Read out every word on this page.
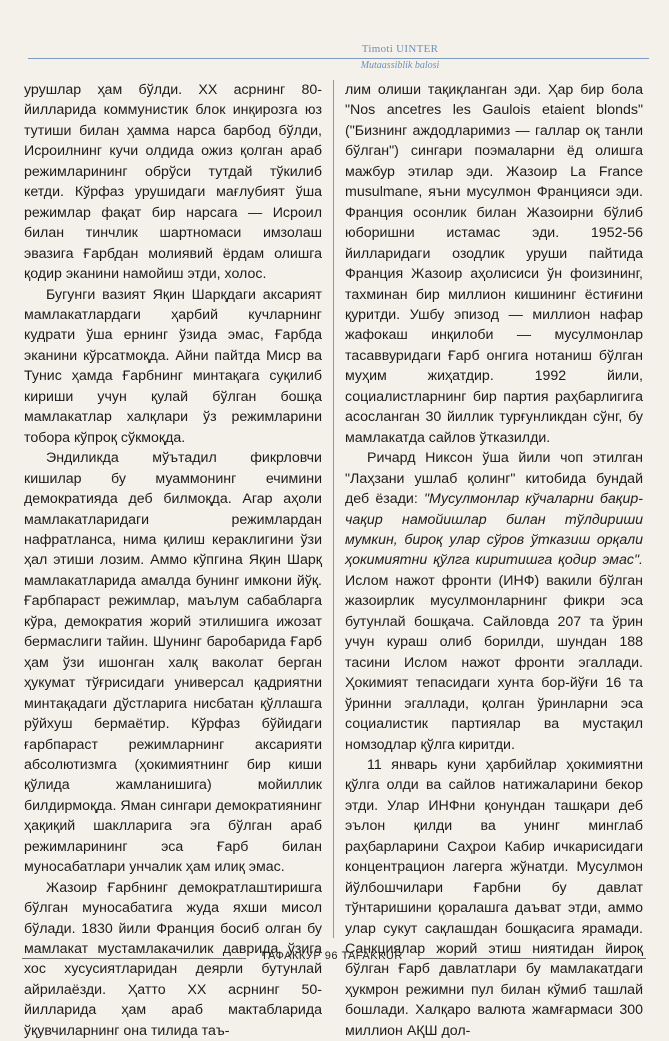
Timoti UINTER
Mutaassiblik balosi

урушлар ҳам бўлди. XX асрнинг 80-йилларида коммунистик блок инқирозга юз тутиши билан ҳамма нарса барбод бўлди, Исроилнинг кучи олдида ожиз қолган араб режимларининг обрўси тутдай тўкилиб кетди. Кўрфаз урушидаги мағлубият ўша режимлар фақат бир нарсага — Исроил билан тинчлик шартномаси имзолаш эвазига Ғарбдан молиявий ёрдам олишга қодир эканини намойиш этди, холос.

Бугунги вазият Яқин Шарқдаги аксарият мамлакатлардаги ҳарбий кучларнинг кудрати ўша ернинг ўзида эмас, Ғарбда эканини кўрсатмоқда. Айни пайтда Миср ва Тунис ҳамда Ғарбнинг минтақага суқилиб кириши учун қулай бўлган бошқа мамлакатлар халқлари ўз режимларини тобора кўпроқ сўкмоқда.

Эндиликда мўътадил фикрловчи кишилар бу муаммонинг ечимини демократияда деб билмоқда. Агар аҳоли мамлакатларидаги режимлардан нафратланса, нима қилиш кераклигини ўзи ҳал этиши лозим. Аммо кўпгина Яқин Шарқ мамлакатларида амалда бунинг имкони йўқ. Ғарбпараст режимлар, маълум сабабларга кўра, демократия жорий этилишига ижозат бермаслиги тайин. Шунинг баробарида Ғарб ҳам ўзи ишонган халқ ваколат берган ҳукумат тўғрисидаги универсал қадриятни минтақадаги дўстларига нисбатан қўллашга рўйхуш бермаётир. Кўрфаз бўйидаги ғарбпараст режимларнинг аксарияти абсолютизмга (ҳокимиятнинг бир киши қўлида жамланишига) мойиллик билдирмоқда. Яман сингари демократиянинг ҳақиқий шаклларига эга бўлган араб режимларининг эса Ғарб билан муносабатлари унчалик ҳам илиқ эмас.

Жазоир Ғарбнинг демократлаштиришга бўлган муносабатига жуда яхши мисол бўлади. 1830 йили Франция босиб олган бу мамлакат мустамлакачилик даврида ўзига хос хусусиятларидан деярли бутунлай айрилаёзди. Ҳатто XX асрнинг 50-йилларида ҳам араб мактабларида ўқувчиларнинг она тилида таъ-

лим олиши тақиқланган эди. Ҳар бир бола "Nos ancetres les Gaulois etaient blonds" ("Бизнинг аждодларимиз — галлар оқ танли бўлган") сингари поэмаларни ёд олишга мажбур этилар эди. Жазоир La France musulmane, яъни мусулмон Францияси эди. Франция осонлик билан Жазоирни бўлиб юборишни истамас эди. 1952-56 йилларидаги озодлик уруши пайтида Франция Жазоир аҳолисиси ўн фоизининг, тахминан бир миллион кишининг ёстиғини қуритди. Ушбу эпизод — миллион нафар жафокаш инқилоби — мусулмонлар тасаввуридаги Ғарб онгига нотаниш бўлган муҳим жиҳатдир. 1992 йили, социалистларнинг бир партия раҳбарлигига асосланган 30 йиллик турғунликдан сўнг, бу мамлакатда сайлов ўтказилди.

Ричард Никсон ўша йили чоп этилган "Лаҳзани ушлаб қолинг" китобида бундай деб ёзади: "Мусулмонлар кўчаларни бақир-чақир намойишлар билан тўлдириши мумкин, бироқ улар сўров ўтказиш орқали ҳокимиятни қўлга киритишга қодир эмас". Ислом нажот фронти (ИНФ) вакили бўлган жазоирлик мусулмонларнинг фикри эса бутунлай бошқача. Сайловда 207 та ўрин учун кураш олиб борилди, шундан 188 тасини Ислом нажот фронти эгаллади. Ҳокимият тепасидаги хунта бор-йўғи 16 та ўринни эгаллади, қолган ўринларни эса социалистик партиялар ва мустақил номзодлар қўлга киритди.

11 январь куни ҳарбийлар ҳокимиятни қўлга олди ва сайлов натижаларини бекор этди. Улар ИНФни қонундан ташқари деб эълон қилди ва унинг минглаб раҳбарларини Саҳрои Кабир ичкарисидаги концентрацион лагерга жўнатди. Мусулмон йўлбошчилари Ғарбни бу давлат тўнтаришини қоралашга даъват этди, аммо улар сукут сақлашдан бошқасига ярамади. Санкциялар жорий этиш ниятидан йироқ бўлган Ғарб давлатлари бу мамлакатдаги ҳукмрон режимни пул билан кўмиб ташлай бошлади. Халқаро валюта жамғармаси 300 миллион АҚШ дол-

ТАФАККУР 96 TAFAKKUR
